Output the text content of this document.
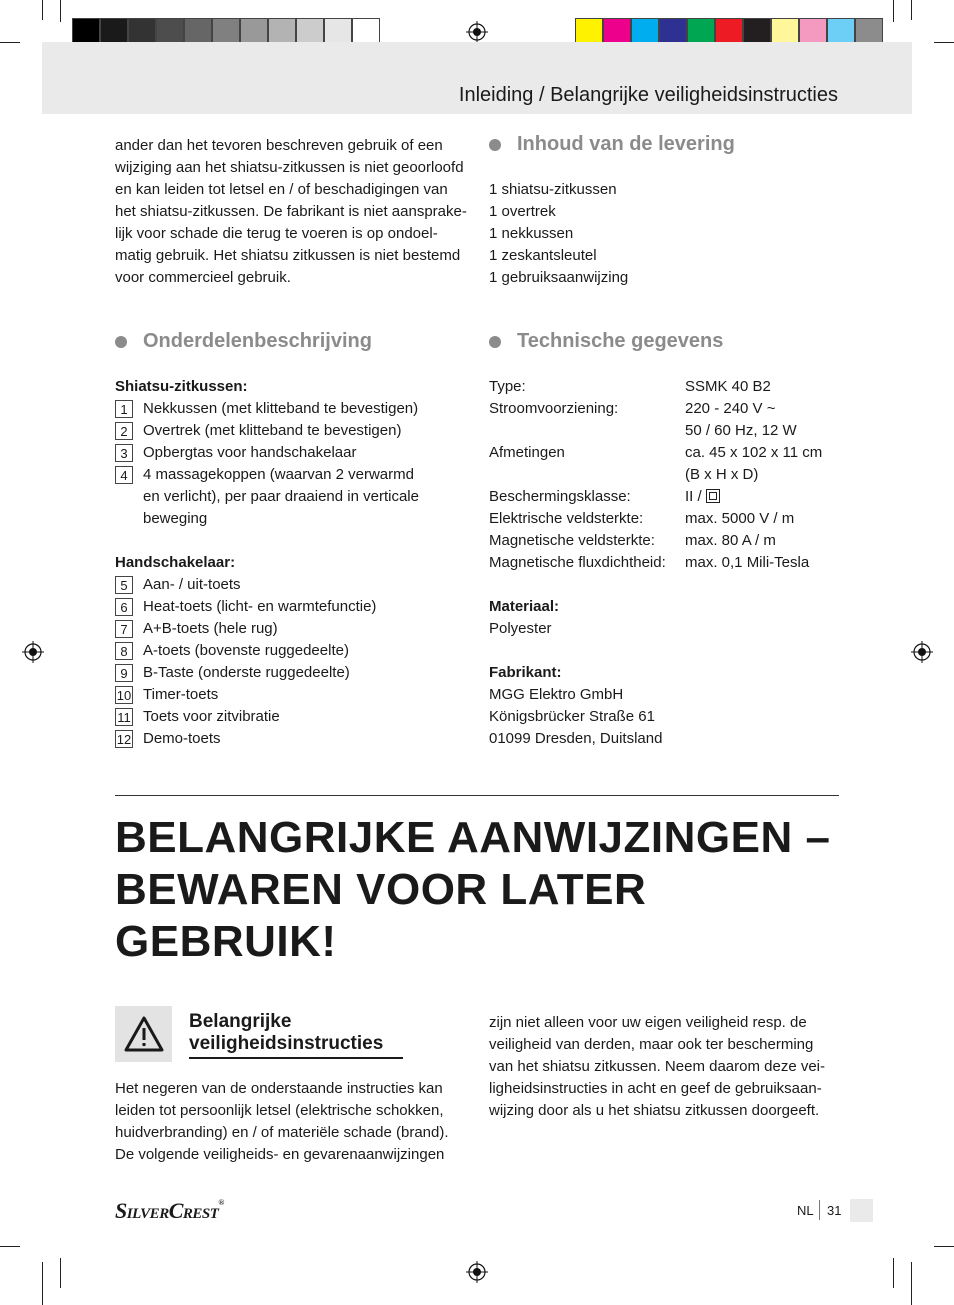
Inleiding / Belangrijke veiligheidsinstructies
ander dan het tevoren beschreven gebruik of een
wijziging aan het shiatsu-zitkussen is niet geoorloofd
en kan leiden tot letsel en / of beschadigingen van
het shiatsu-zitkussen. De fabrikant is niet aansprake-
lijk voor schade die terug te voeren is op ondoel-
matig gebruik. Het shiatsu zitkussen is niet bestemd
voor commercieel gebruik.
Onderdelenbeschrijving
Shiatsu-zitkussen:
1	Nekkussen (met klitteband te bevestigen)
2	Overtrek (met klitteband te bevestigen)
3	Opbergtas voor handschakelaar
4	4 massagekoppen (waarvan 2 verwarmd
en verlicht), per paar draaiend in verticale
beweging
Handschakelaar:
5	Aan- / uit-toets
6	Heat-toets (licht- en warmtefunctie)
7	A+B-toets (hele rug)
8	A-toets (bovenste ruggedeelte)
9	B-Taste (onderste ruggedeelte)
10 Timer-toets
11 Toets voor zitvibratie
12 Demo-toets
Inhoud van de levering
1 shiatsu-zitkussen
1 overtrek
1 nekkussen
1 zeskantsleutel
1 gebruiksaanwijzing
Technische gegevens
Type:	SSMK 40 B2
Stroomvoorziening:	220 - 240 V ~
50 / 60 Hz, 12 W
Afmetingen	ca. 45 x 102 x 11 cm
(B x H x D)
Beschermingsklasse:	II /
Elektrische veldsterkte:	max. 5000 V / m
Magnetische veldsterkte:	max. 80 A / m
Magnetische fluxdichtheid:	max. 0,1 Mili-Tesla
Materiaal:
Polyester
Fabrikant:
MGG Elektro GmbH
Königsbrücker Straße 61
01099 Dresden, Duitsland
BELANGRIJKE AANWIJZINGEN –
BEWAREN VOOR LATER
GEBRUIK!
Belangrijke
veiligheidsinstructies
Het negeren van de onderstaande instructies kan
leiden tot persoonlijk letsel (elektrische schokken,
huidverbranding) en / of materiële schade (brand).
De volgende veiligheids- en gevarenaanwijzingen
zijn niet alleen voor uw eigen veiligheid resp. de
veiligheid van derden, maar ook ter bescherming
van het shiatsu zitkussen. Neem daarom deze vei-
ligheidsinstructies in acht en geef de gebruiksaan-
wijzing door als u het shiatsu zitkussen doorgeeft.
SilverCrest®
NL 31
